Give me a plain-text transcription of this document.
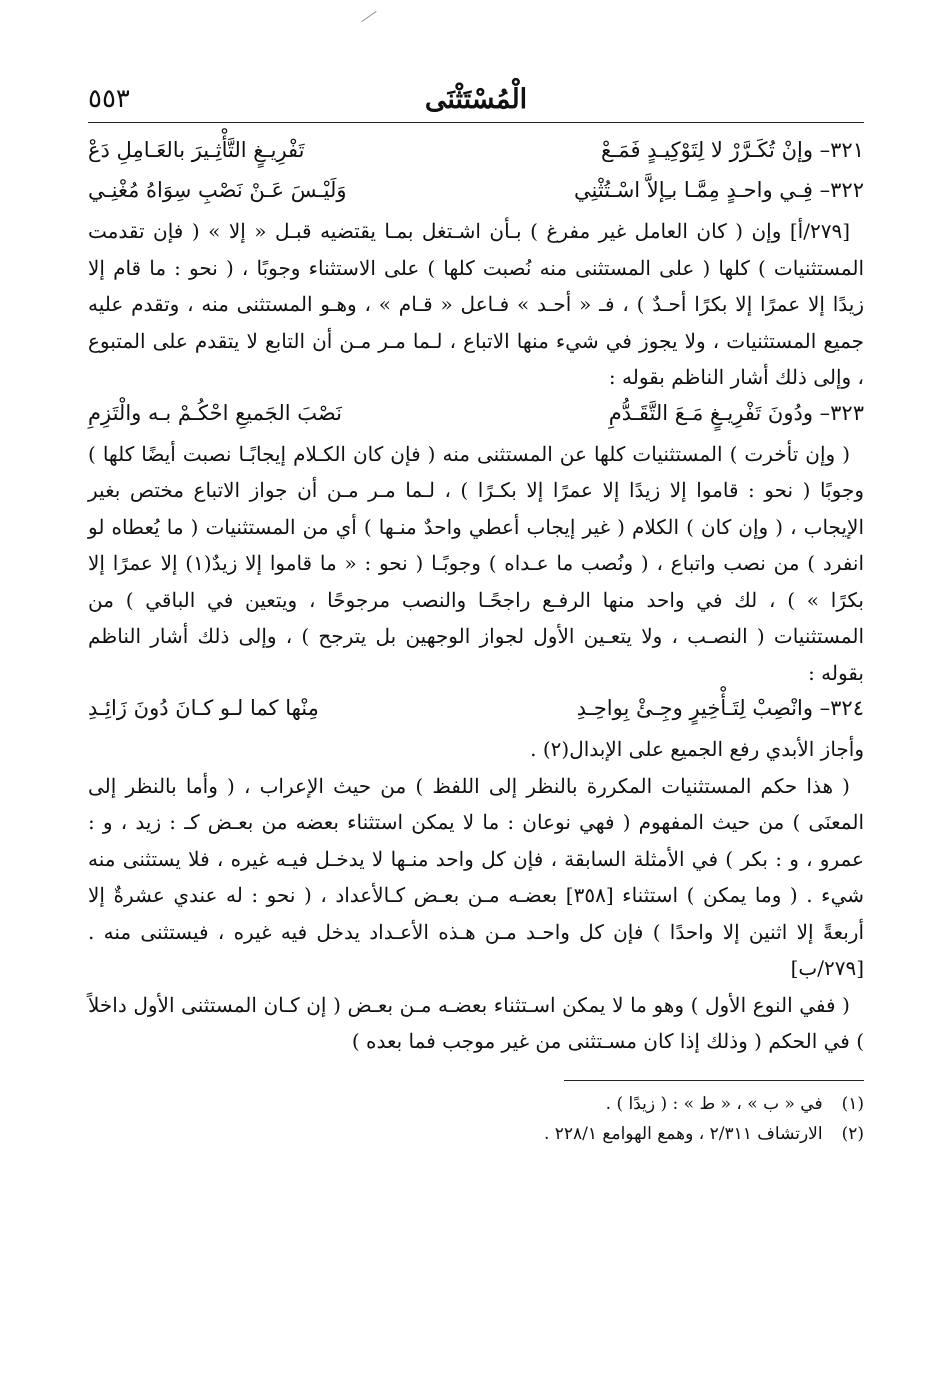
الْمُسْتَثْنَى
٥٥٣
٣٢١– وإنْ تُكَـرَّرْ لا لِتَوْكِيـدٍ فَمَـعْ
تَفْرِيـغٍ التَّأْثِـيرَ بالعَـامِلِ دَعْ
٣٢٢– فِـي واحـدٍ مِمَّـا بـِإلاَّ اسْـتُثْنِي
وَلَيْـسَ عَـنْ نَصْبِ سِوَاهُ مُغْنِـي

[٢٧٩/أ] وإن ( كان العامل غير مفرغ ) بـأن اشـتغل بمـا يقتضيه قبـل « إلا » ( فإن تقدمت المستثنيات ) كلها ( على المستثنى منه نُصبت كلها ) على الاستثناء وجوبًا ، ( نحو : ما قام إلا زيدًا إلا عمرًا إلا بكرًا أحـدٌ ) ، فـ « أحـد » فـاعل « قـام » ، وهـو المستثنى منه ، وتقدم عليه جميع المستثنيات ، ولا يجوز في شيء منها الاتباع ، لـما مـر مـن أن التابع لا يتقدم على المتبوع ، وإلى ذلك أشار الناظم بقوله :

٣٢٣– ودُونَ تَفْرِيـغٍ مَـعَ التَّقَـدُّمِ
نَصْبَ الجَميعِ احْكُـمْ بـه والْتَزِمِ

( وإن تأخرت ) المستثنيات كلها عن المستثنى منه ( فإن كان الكـلام إيجابًـا نصبت أيضًا كلها ) وجوبًا ( نحو : قاموا إلا زيدًا إلا عمرًا إلا بكـرًا ) ، لـما مـر مـن أن جواز الاتباع مختص بغير الإيجاب ، ( وإن كان ) الكلام ( غير إيجاب أعطي واحدٌ منـها ) أي من المستثنيات ( ما يُعطاه لو انفرد ) من نصب واتباع ، ( ونُصب ما عـداه ) وجوبًـا ( نحو : « ما قاموا إلا زيدٌ(١) إلا عمرًا إلا بكرًا » ) ، لك في واحد منها الرفـع راجحًـا والنصب مرجوحًا ، ويتعين في الباقي ) من المستثنيات ( النصـب ، ولا يتعـين الأول لجواز الوجهين بل يترجح ) ، وإلى ذلك أشار الناظم بقوله :

٣٢٤– وانْصِبْ لِتَـأْخِيرٍ وجِـئْ بِواحِـدِ
مِنْها كما لـو كـانَ دُونَ زَائِـدِ

وأجاز الأبدي رفع الجميع على الإبدال(٢) .

( هذا حكم المستثنيات المكررة بالنظر إلى اللفظ ) من حيث الإعراب ، ( وأما بالنظر إلى المعنَى ) من حيث المفهوم ( فهي نوعان : ما لا يمكن استثناء بعضه من بعـض كـ : زيد ، و : عمرو ، و : بكر ) في الأمثلة السابقة ، فإن كل واحد منـها لا يدخـل فيـه غيره ، فلا يستثنى منه شيء . ( وما يمكن ) استثناء [٣٥٨] بعضـه مـن بعـض كـالأعداد ، ( نحو : له عندي عشرةٌ إلا أربعةً إلا اثنين إلا واحدًا ) فإن كل واحـد مـن هـذه الأعـداد يدخل فيه غيره ، فيستثنى منه . [٢٧٩/ب]

( ففي النوع الأول ) وهو ما لا يمكن اسـتثناء بعضـه مـن بعـض ( إن كـان المستثنى الأول داخلاً ) في الحكم ( وذلك إذا كان مسـتثنى من غير موجب فما بعده )

(١) في « ب » ، « ط » : ( زيدًا ) .

(٢) الارتشاف ٢/٣١١ ، وهمع الهوامع ٢٢٨/١ .
